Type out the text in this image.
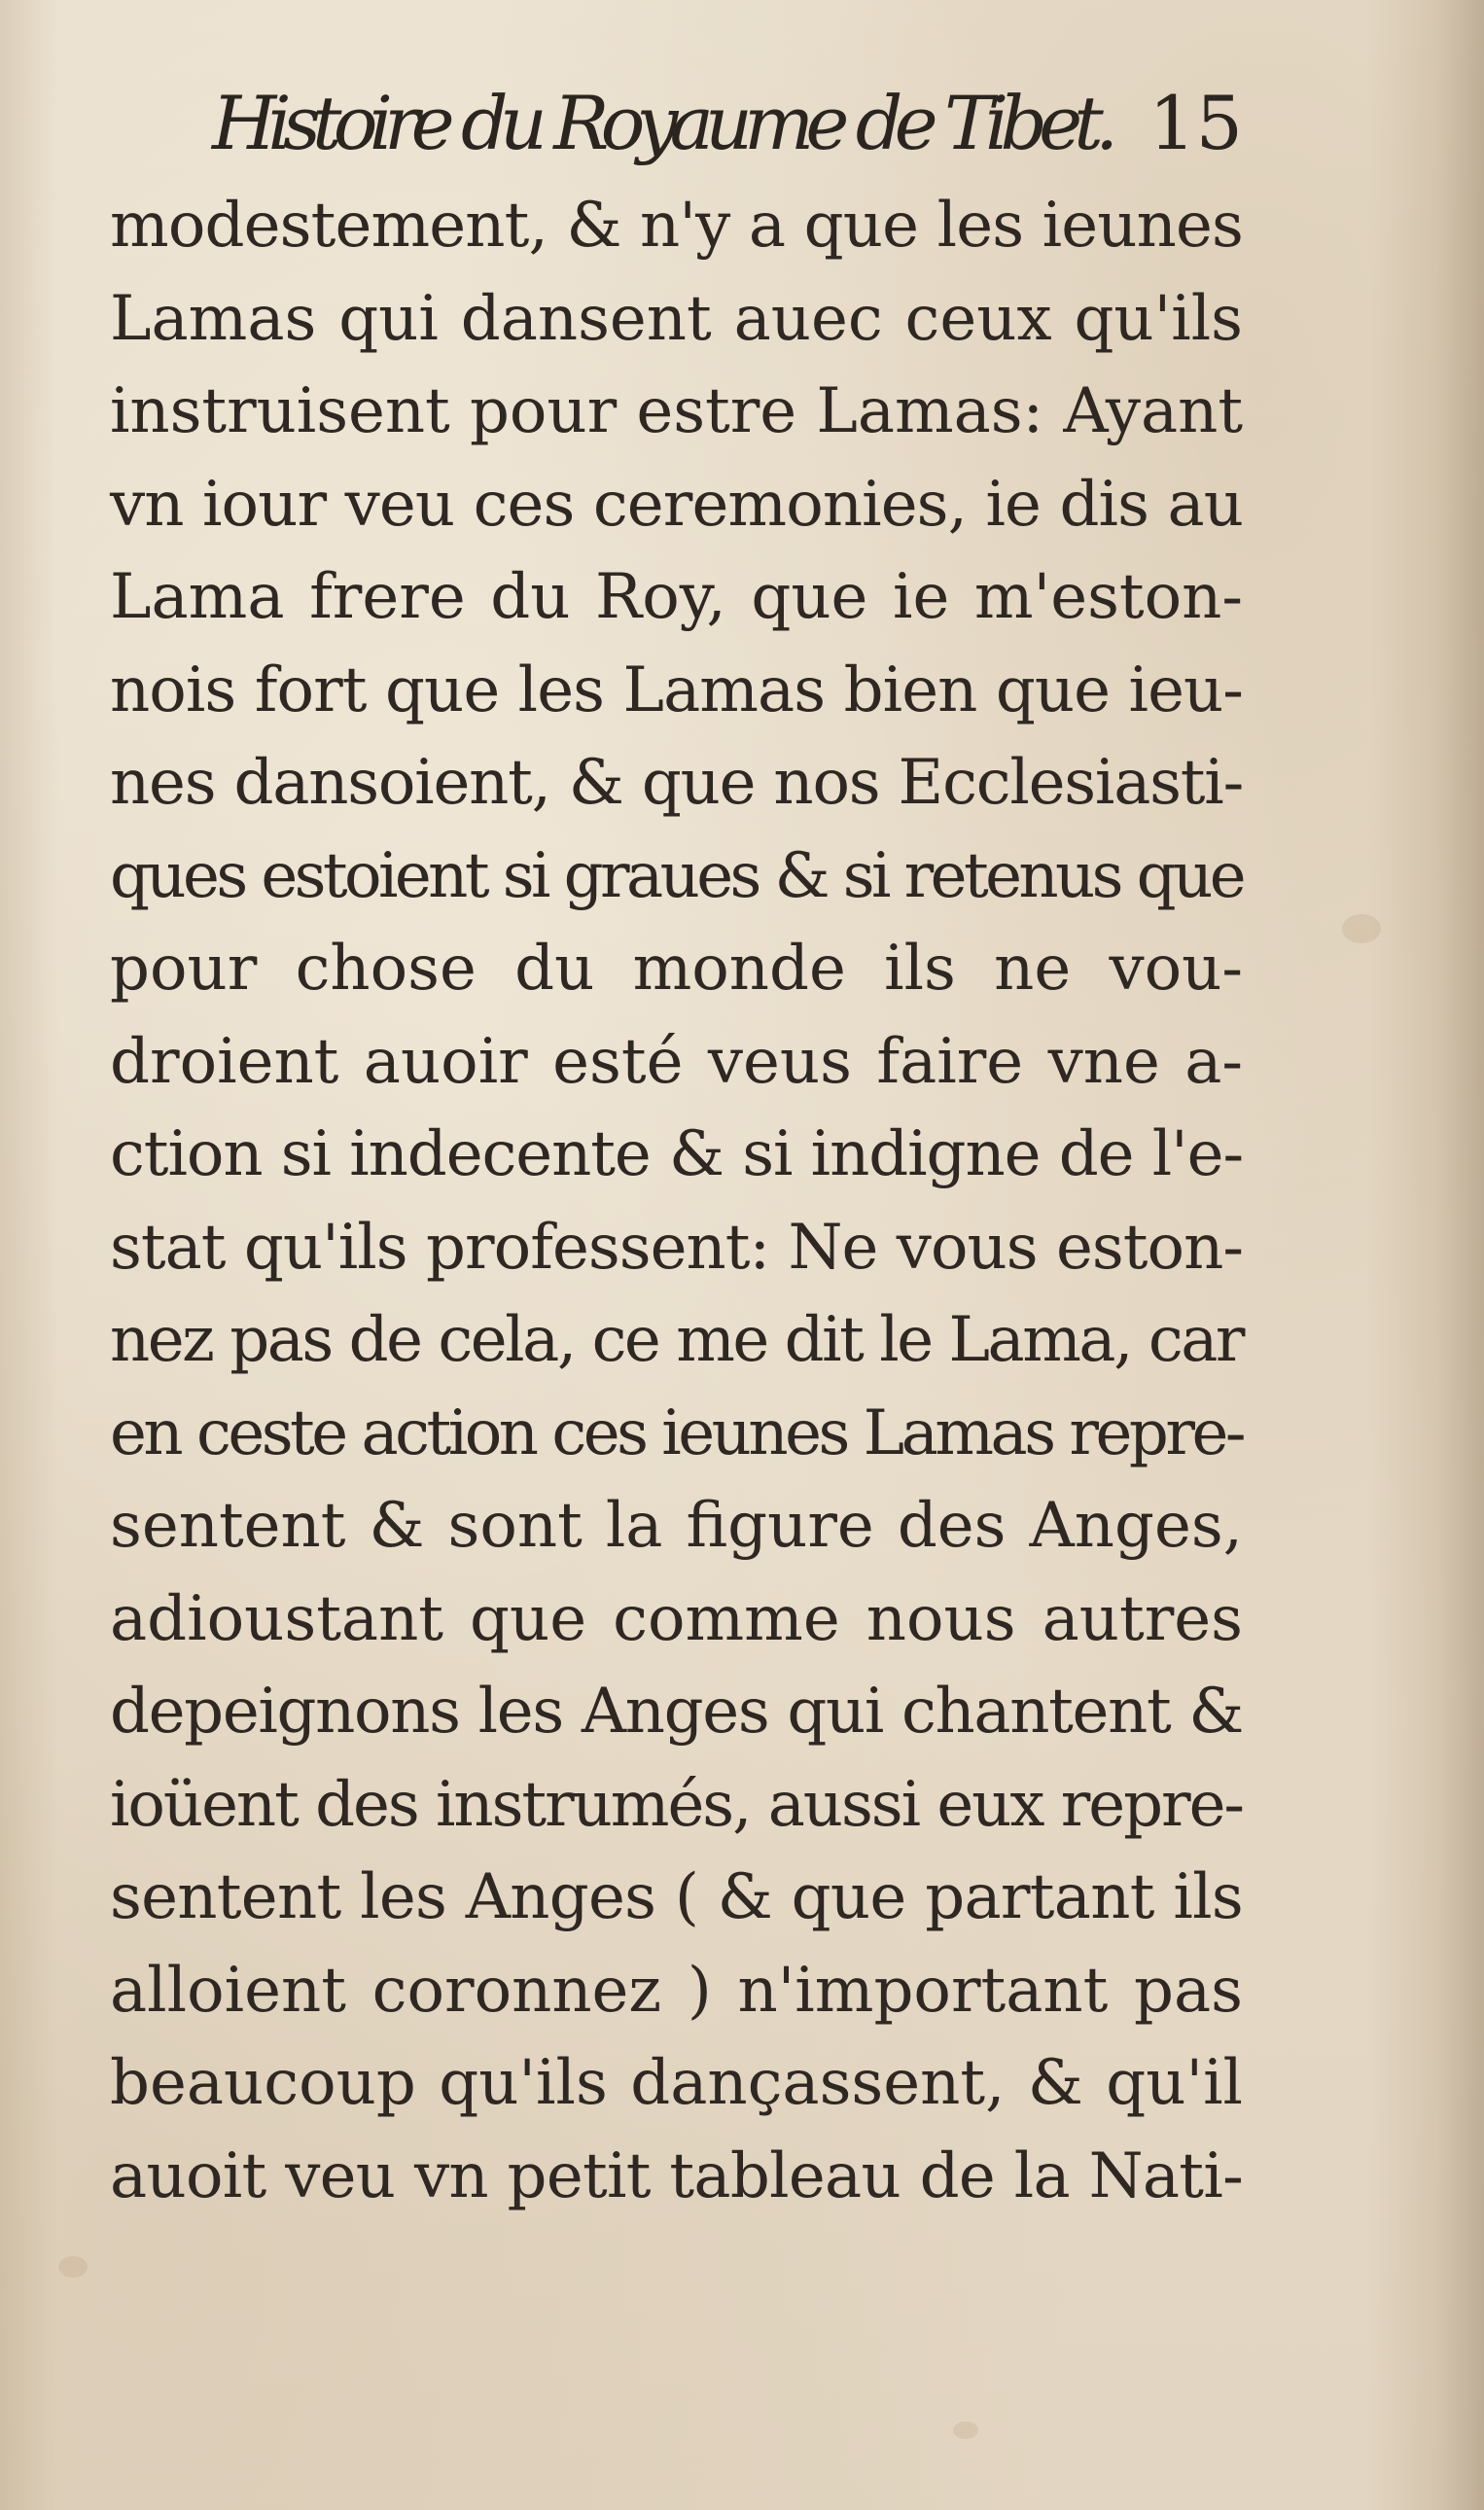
Histoire du Royaume de Tibet. 15
modestement, & n'y a que les ieunes
Lamas qui dansent auec ceux qu'ils
instruisent pour estre Lamas: Ayant
vn iour veu ces ceremonies, ie dis au
Lama frere du Roy, que ie m'eston-
nois fort que les Lamas bien que ieu-
nes dansoient, & que nos Ecclesiasti-
ques estoient si graues & si retenus que
pour chose du monde ils ne vou-
droient auoir esté veus faire vne a-
ction si indecente & si indigne de l'e-
stat qu'ils professent: Ne vous eston-
nez pas de cela, ce me dit le Lama, car
en ceste action ces ieunes Lamas repre-
sentent & sont la figure des Anges,
adioustant que comme nous autres
depeignons les Anges qui chantent &
ioüent des instrumés, aussi eux repre-
sentent les Anges ( & que partant ils
alloient coronnez ) n'important pas
beaucoup qu'ils dançassent, & qu'il
auoit veu vn petit tableau de la Nati-
